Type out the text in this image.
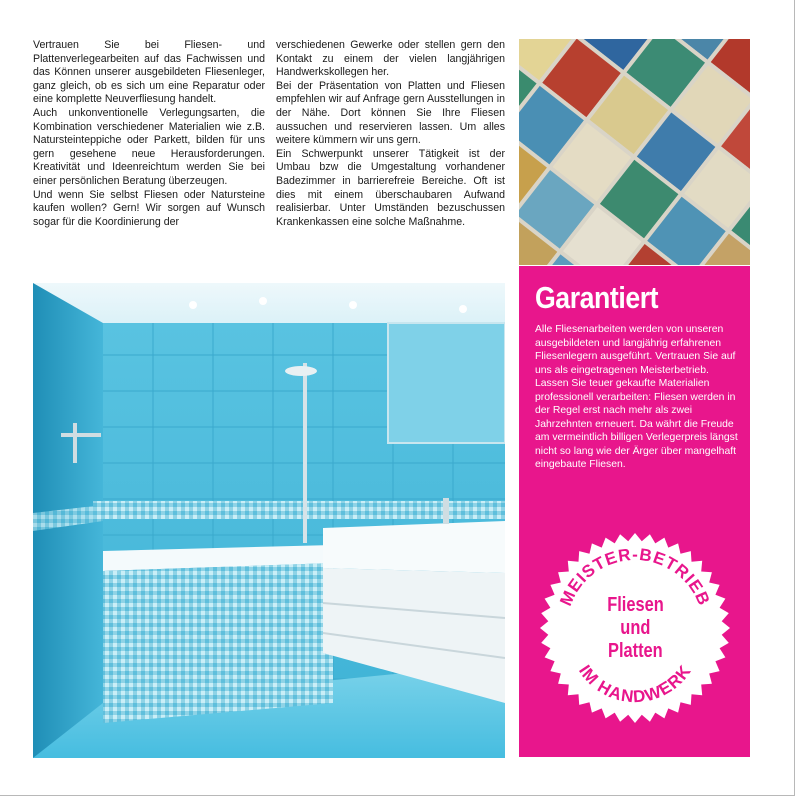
Vertrauen Sie bei Fliesen- und Plattenverlegearbeiten auf das Fachwissen und das Können unserer ausgebildeten Fliesenleger, ganz gleich, ob es sich um eine Reparatur oder eine komplette Neuverfliesung handelt.

Auch unkonventionelle Verlegungsarten, die Kombination verschiedener Materialien wie z.B. Natursteinteppiche oder Parkett, bilden für uns gern gesehene neue Herausforderungen. Kreativität und Ideenreichtum werden Sie bei einer persönlichen Beratung überzeugen.

Und wenn Sie selbst Fliesen oder Natursteine kaufen wollen? Gern! Wir sorgen auf Wunsch sogar für die Koordinierung der

verschiedenen Gewerke oder stellen gern den Kontakt zu einem der vielen langjährigen Handwerkskollegen her.

Bei der Präsentation von Platten und Fliesen empfehlen wir auf Anfrage gern Ausstellungen in der Nähe. Dort können Sie Ihre Fliesen aussuchen und reservieren lassen. Um alles weitere kümmern wir uns gern.

Ein Schwerpunkt unserer Tätigkeit ist der Umbau bzw die Umgestaltung vorhandener Badezimmer in barrierefreie Bereiche. Oft ist dies mit einem überschaubaren Aufwand realisierbar. Unter Umständen bezuschussen Krankenkassen eine solche Maßnahme.

Garantiert

Alle Fliesenarbeiten werden von unseren ausgebildeten und langjährig erfahrenen Fliesenlegern ausgeführt. Vertrauen Sie auf uns als eingetragenen Meisterbetrieb.

Lassen Sie teuer gekaufte Materialien professionell verarbeiten: Fliesen werden in der Regel erst nach mehr als zwei Jahrzehnten erneuert. Da währt die Freude am vermeintlich billigen Verlegerpreis längst nicht so lang wie der Ärger über mangelhaft eingebaute Fliesen.

MEISTER-BETRIEB
IM HANDWERK
Fliesen
und
Platten
